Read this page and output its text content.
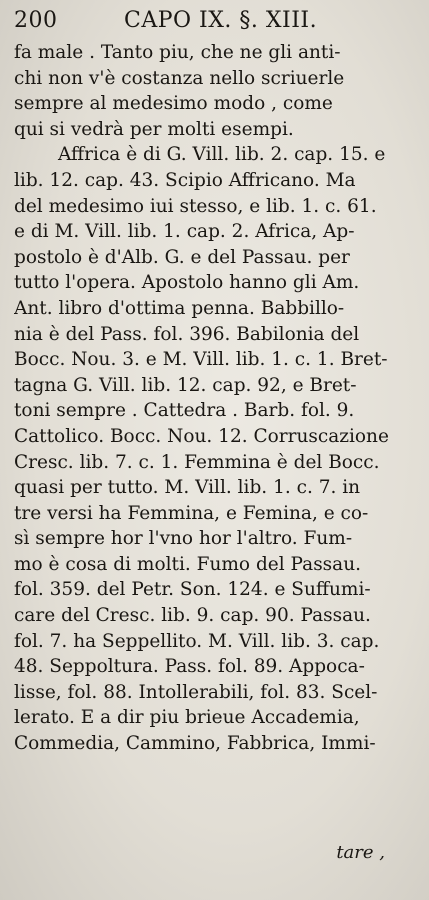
200	CAPO IX. §. XIII.
fa male . Tanto piu, che ne gli anti-
chi non v'è costanza nello scriuerle
sempre al medesimo modo , come
qui si vedrà per molti esempi.
Affrica è di G. Vill. lib. 2. cap. 15. e
lib. 12. cap. 43. Scipio Affricano. Ma
del medesimo iui stesso, e lib. 1. c. 61.
e di M. Vill. lib. 1. cap. 2. Africa, Ap-
postolo è d'Alb. G. e del Passau. per
tutto l'opera. Apostolo hanno gli Am.
Ant. libro d'ottima penna. Babbillo-
nia è del Pass. fol. 396. Babilonia del
Bocc. Nou. 3. e M. Vill. lib. 1. c. 1. Bret-
tagna G. Vill. lib. 12. cap. 92, e Bret-
toni sempre . Cattedra . Barb. fol. 9.
Cattolico. Bocc. Nou. 12. Corruscazione
Cresc. lib. 7. c. 1. Femmina è del Bocc.
quasi per tutto. M. Vill. lib. 1. c. 7. in
tre versi ha Femmina, e Femina, e co-
sì sempre hor l'vno hor l'altro. Fum-
mo è cosa di molti. Fumo del Passau.
fol. 359. del Petr. Son. 124. e Suffumi-
care del Cresc. lib. 9. cap. 90. Passau.
fol. 7. ha Seppellito. M. Vill. lib. 3. cap.
48. Seppoltura. Pass. fol. 89. Appoca-
lisse, fol. 88. Intollerabili, fol. 83. Scel-
lerato. E a dir piu brieue Accademia,
Commedia, Cammino, Fabbrica, Immi-
tare ,
